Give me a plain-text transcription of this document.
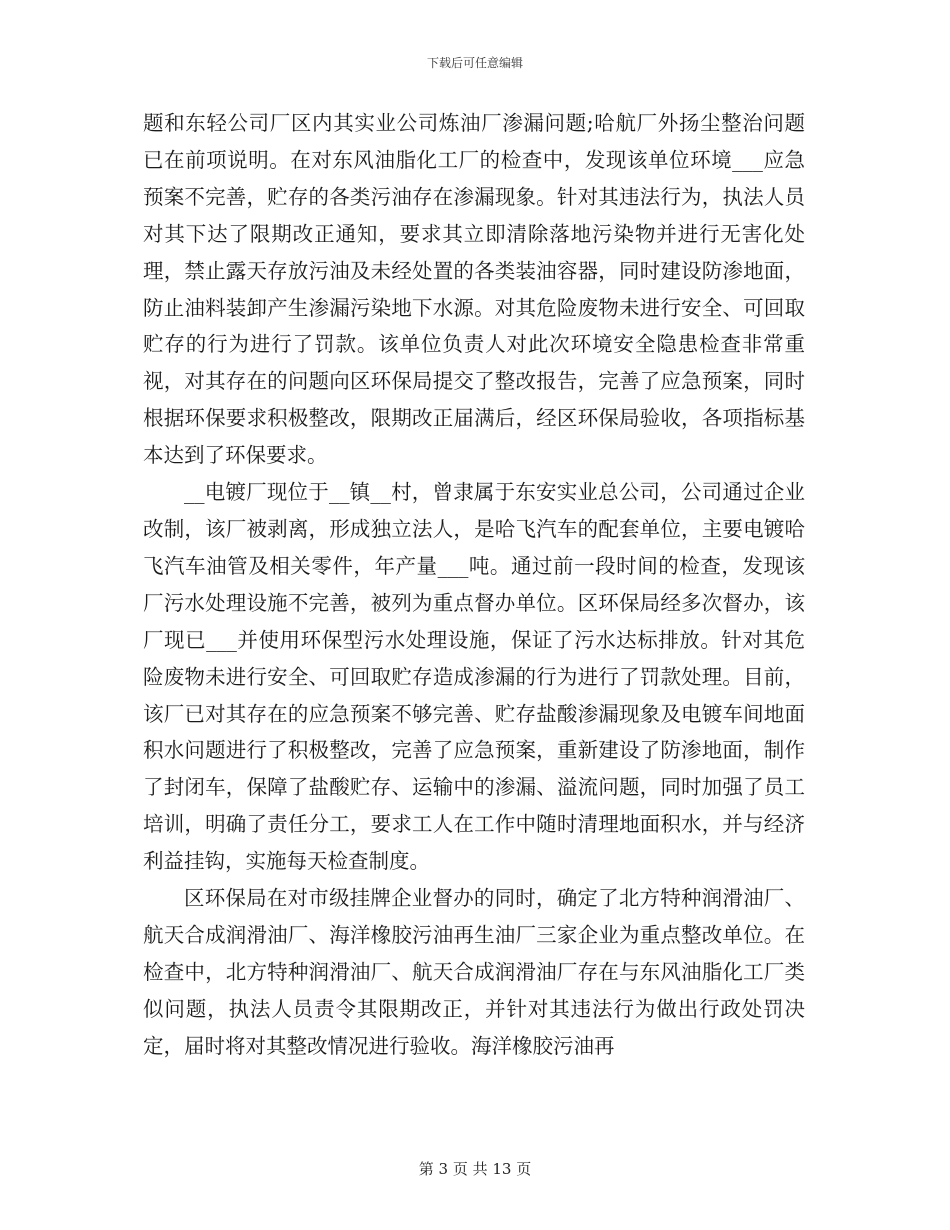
下载后可任意编辑

题和东轻公司厂区内其实业公司炼油厂渗漏问题;哈航厂外扬尘整治问题已在前项说明。在对东风油脂化工厂的检查中，发现该单位环境___应急预案不完善，贮存的各类污油存在渗漏现象。针对其违法行为，执法人员对其下达了限期改正通知，要求其立即清除落地污染物并进行无害化处理，禁止露天存放污油及未经处置的各类装油容器，同时建设防渗地面，防止油料装卸产生渗漏污染地下水源。对其危险废物未进行安全、可回取贮存的行为进行了罚款。该单位负责人对此次环境安全隐患检查非常重视，对其存在的问题向区环保局提交了整改报告，完善了应急预案，同时根据环保要求积极整改，限期改正届满后，经区环保局验收，各项指标基本达到了环保要求。

__电镀厂现位于__镇__村，曾隶属于东安实业总公司，公司通过企业改制，该厂被剥离，形成独立法人，是哈飞汽车的配套单位，主要电镀哈飞汽车油管及相关零件，年产量___吨。通过前一段时间的检查，发现该厂污水处理设施不完善，被列为重点督办单位。区环保局经多次督办，该厂现已___并使用环保型污水处理设施，保证了污水达标排放。针对其危险废物未进行安全、可回取贮存造成渗漏的行为进行了罚款处理。目前，该厂已对其存在的应急预案不够完善、贮存盐酸渗漏现象及电镀车间地面积水问题进行了积极整改，完善了应急预案，重新建设了防渗地面，制作了封闭车，保障了盐酸贮存、运输中的渗漏、溢流问题，同时加强了员工培训，明确了责任分工，要求工人在工作中随时清理地面积水，并与经济利益挂钩，实施每天检查制度。

区环保局在对市级挂牌企业督办的同时，确定了北方特种润滑油厂、航天合成润滑油厂、海洋橡胶污油再生油厂三家企业为重点整改单位。在检查中，北方特种润滑油厂、航天合成润滑油厂存在与东风油脂化工厂类似问题，执法人员责令其限期改正，并针对其违法行为做出行政处罚决定，届时将对其整改情况进行验收。海洋橡胶污油再

第 3 页 共 13 页
